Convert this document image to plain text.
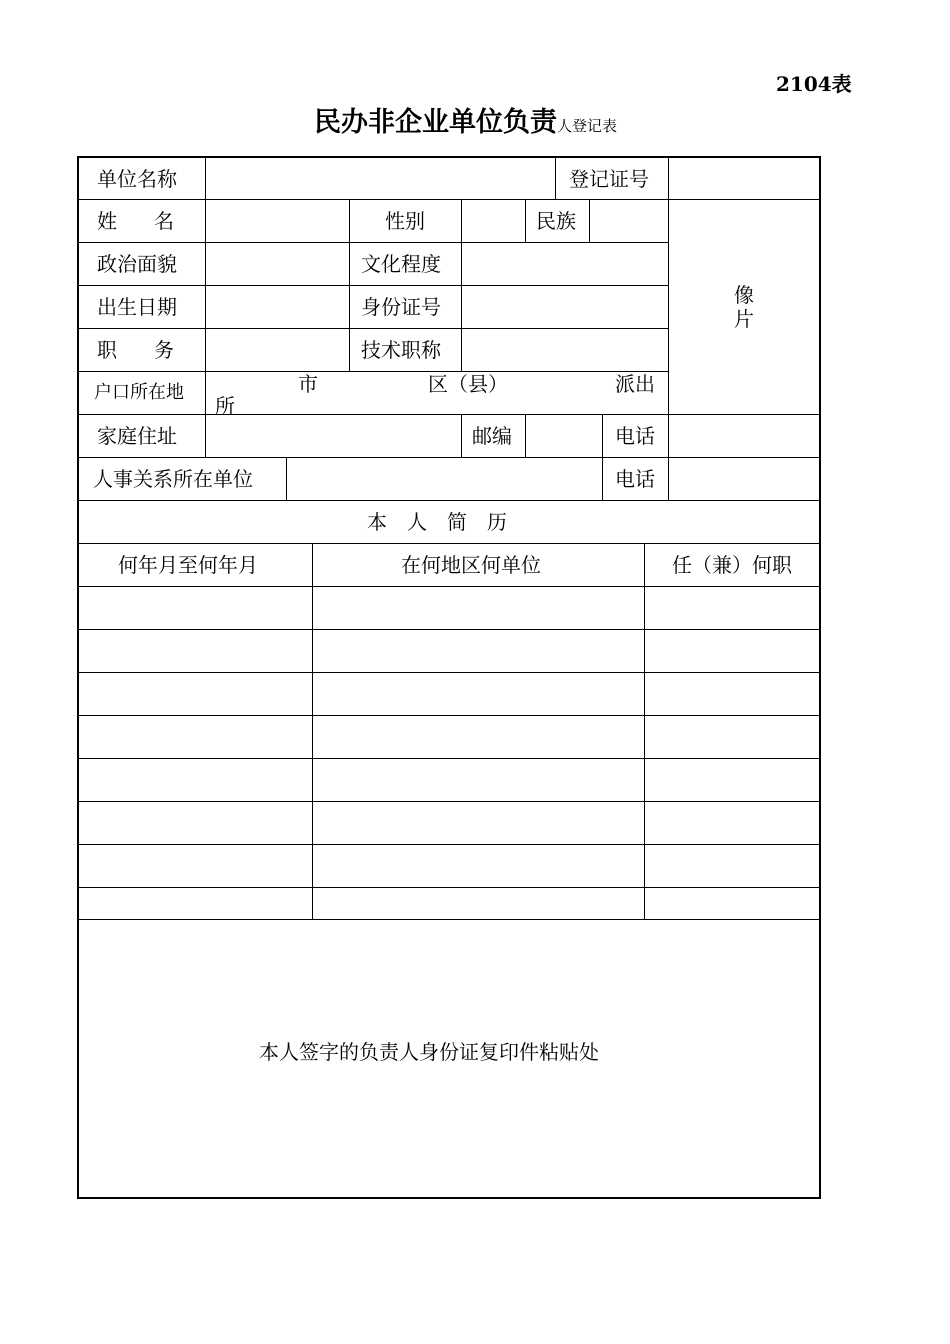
2104表
民办非企业单位负责人登记表
单位名称	登记证号
姓　　名	性别	民族
政治面貌	文化程度
出生日期	身份证号
职　　务	技术职称
像片
户口所在地	市	区（县）	派出
所
家庭住址	邮编	电话
人事关系所在单位	电话
本　人　简　历
何年月至何年月	在何地区何单位	任（兼）何职
本人签字的负责人身份证复印件粘贴处
